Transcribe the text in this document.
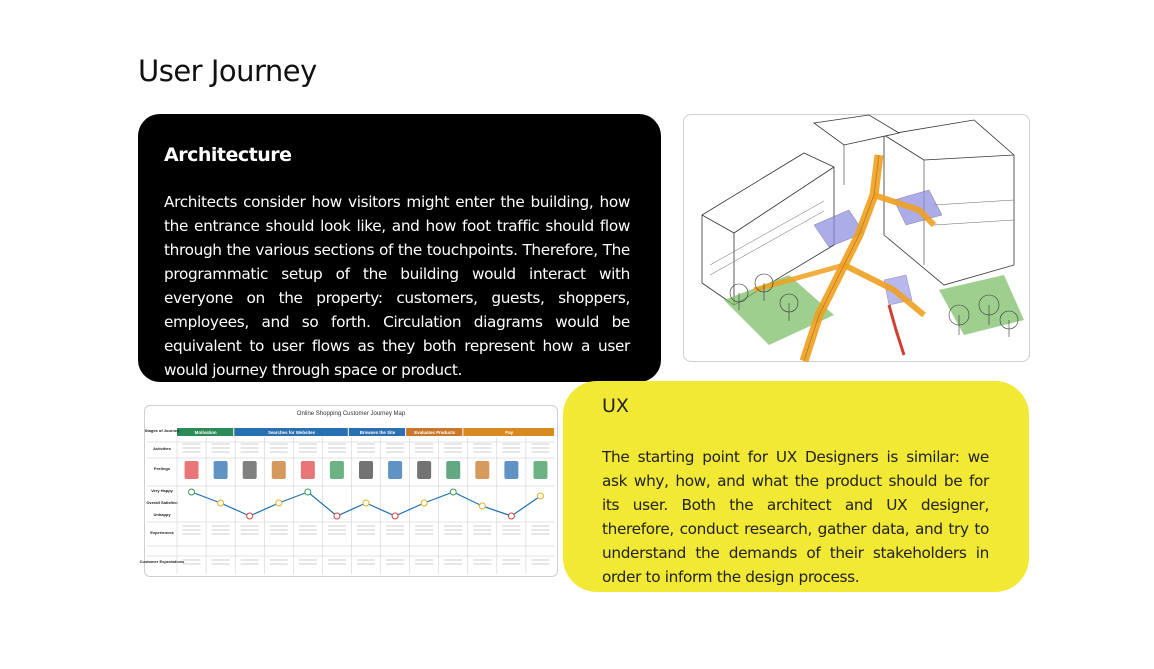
User Journey
Architecture

Architects consider how visitors might enter the building, how the entrance should look like, and how foot traffic should flow through the various sections of the touchpoints. Therefore, The programmatic setup of the building would interact with everyone on the property: customers, guests, shoppers, employees, and so forth. Circulation diagrams would be equivalent to user flows as they both represent how a user would journey through space or product.

Online Shopping Customer Journey Map
Motivation	Searches for Websites	Browses the Site	Evaluates Products	Pay
Stages of Journey
Activities
Feelings
Very Happy
Overall Satisfied
Unhappy
Experiences
Customer Expectations
UX

The starting point for UX Designers is similar: we ask why, how, and what the product should be for its user. Both the architect and UX designer, therefore, conduct research, gather data, and try to understand the demands of their stakeholders in order to inform the design process.
